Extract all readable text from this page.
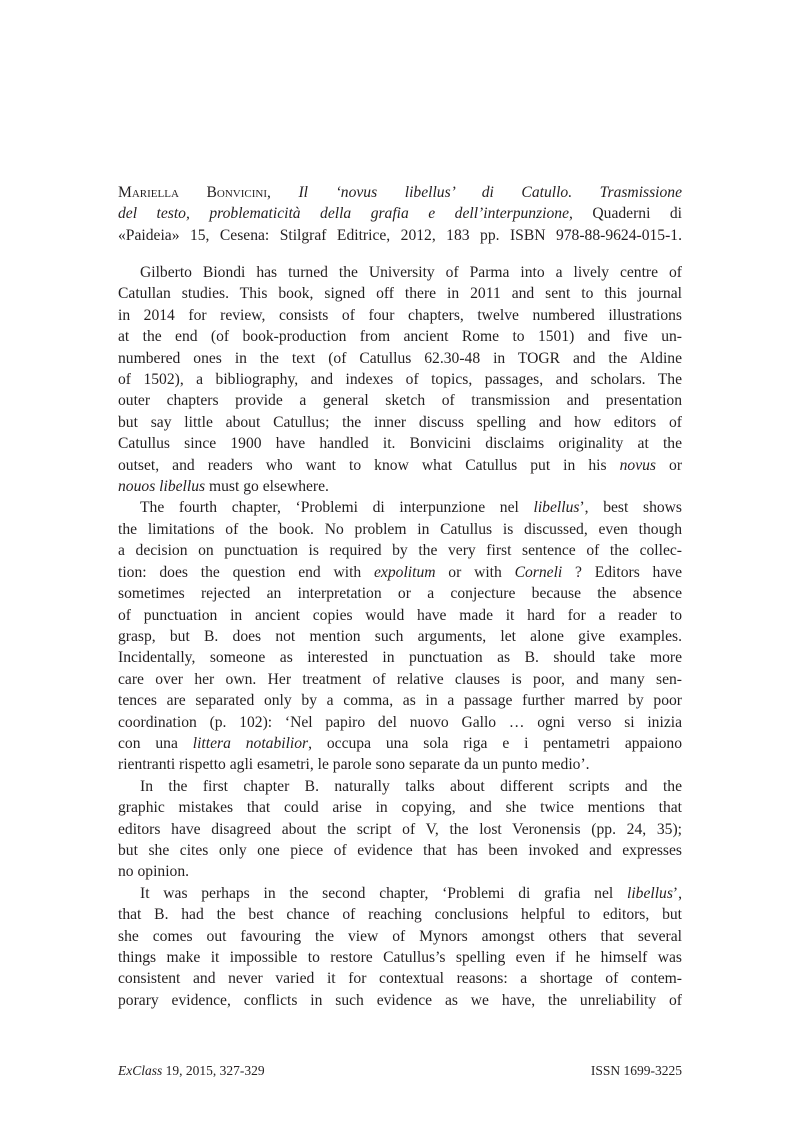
Mariella Bonvicini, Il ‘novus libellus’ di Catullo. Trasmissione
del testo, problematicità della grafia e dell’interpunzione, Quaderni di
«Paideia» 15, Cesena: Stilgraf Editrice, 2012, 183 pp. ISBN 978-88-9624-015-1.

Gilberto Biondi has turned the University of Parma into a lively centre of
Catullan studies. This book, signed off there in 2011 and sent to this journal
in 2014 for review, consists of four chapters, twelve numbered illustrations
at the end (of book-production from ancient Rome to 1501) and five un-
numbered ones in the text (of Catullus 62.30-48 in TOGR and the Aldine
of 1502), a bibliography, and indexes of topics, passages, and scholars. The
outer chapters provide a general sketch of transmission and presentation
but say little about Catullus; the inner discuss spelling and how editors of
Catullus since 1900 have handled it. Bonvicini disclaims originality at the
outset, and readers who want to know what Catullus put in his novus or
nouos libellus must go elsewhere.

The fourth chapter, ‘Problemi di interpunzione nel libellus’, best shows
the limitations of the book. No problem in Catullus is discussed, even though
a decision on punctuation is required by the very first sentence of the collec-
tion: does the question end with expolitum or with Corneli ? Editors have
sometimes rejected an interpretation or a conjecture because the absence
of punctuation in ancient copies would have made it hard for a reader to
grasp, but B. does not mention such arguments, let alone give examples.
Incidentally, someone as interested in punctuation as B. should take more
care over her own. Her treatment of relative clauses is poor, and many sen-
tences are separated only by a comma, as in a passage further marred by poor
coordination (p. 102): ‘Nel papiro del nuovo Gallo … ogni verso si inizia
con una littera notabilior, occupa una sola riga e i pentametri appaiono
rientranti rispetto agli esametri, le parole sono separate da un punto medio’.

In the first chapter B. naturally talks about different scripts and the
graphic mistakes that could arise in copying, and she twice mentions that
editors have disagreed about the script of V, the lost Veronensis (pp. 24, 35);
but she cites only one piece of evidence that has been invoked and expresses
no opinion.

It was perhaps in the second chapter, ‘Problemi di grafia nel libellus’,
that B. had the best chance of reaching conclusions helpful to editors, but
she comes out favouring the view of Mynors amongst others that several
things make it impossible to restore Catullus’s spelling even if he himself was
consistent and never varied it for contextual reasons: a shortage of contem-
porary evidence, conflicts in such evidence as we have, the unreliability of

ExClass 19, 2015, 327-329	ISSN 1699-3225
